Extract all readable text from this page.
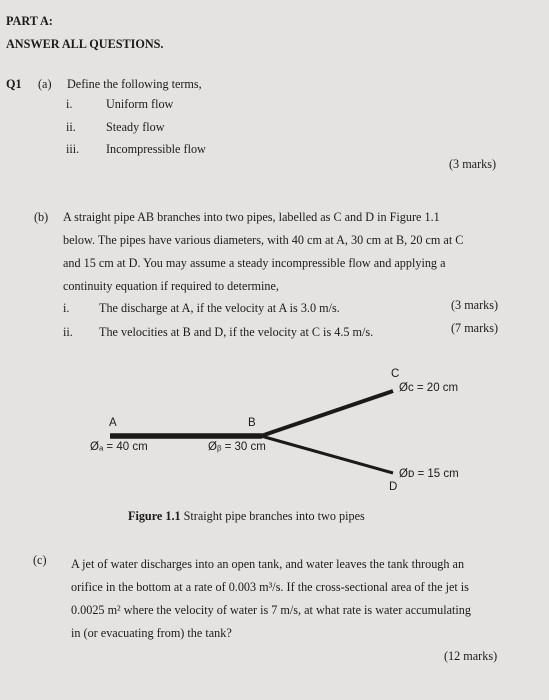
PART A:
ANSWER ALL QUESTIONS.
Q1 (a) Define the following terms,
i.	Uniform flow
ii. Steady flow
iii. Incompressible flow
(3 marks)
(b) A straight pipe AB branches into two pipes, labelled as C and D in Figure 1.1
below. The pipes have various diameters, with 40 cm at A, 30 cm at B, 20 cm at C
and 15 cm at D. You may assume a steady incompressible flow and applying a
continuity equation if required to determine,
i. The discharge at A, if the velocity at A is 3.0 m/s.	(3 marks)
ii. The velocities at B and D, if the velocity at C is 4.5 m/s.	(7 marks)
A
Øₐ = 40 cm
B
Øᵦ = 30 cm
C
Øc = 20 cm
Øᴅ = 15 cm
D
Figure 1.1 Straight pipe branches into two pipes
(c) A jet of water discharges into an open tank, and water leaves the tank through an
orifice in the bottom at a rate of 0.003 m³/s. If the cross-sectional area of the jet is
0.0025 m² where the velocity of water is 7 m/s, at what rate is water accumulating
in (or evacuating from) the tank?
(12 marks)
